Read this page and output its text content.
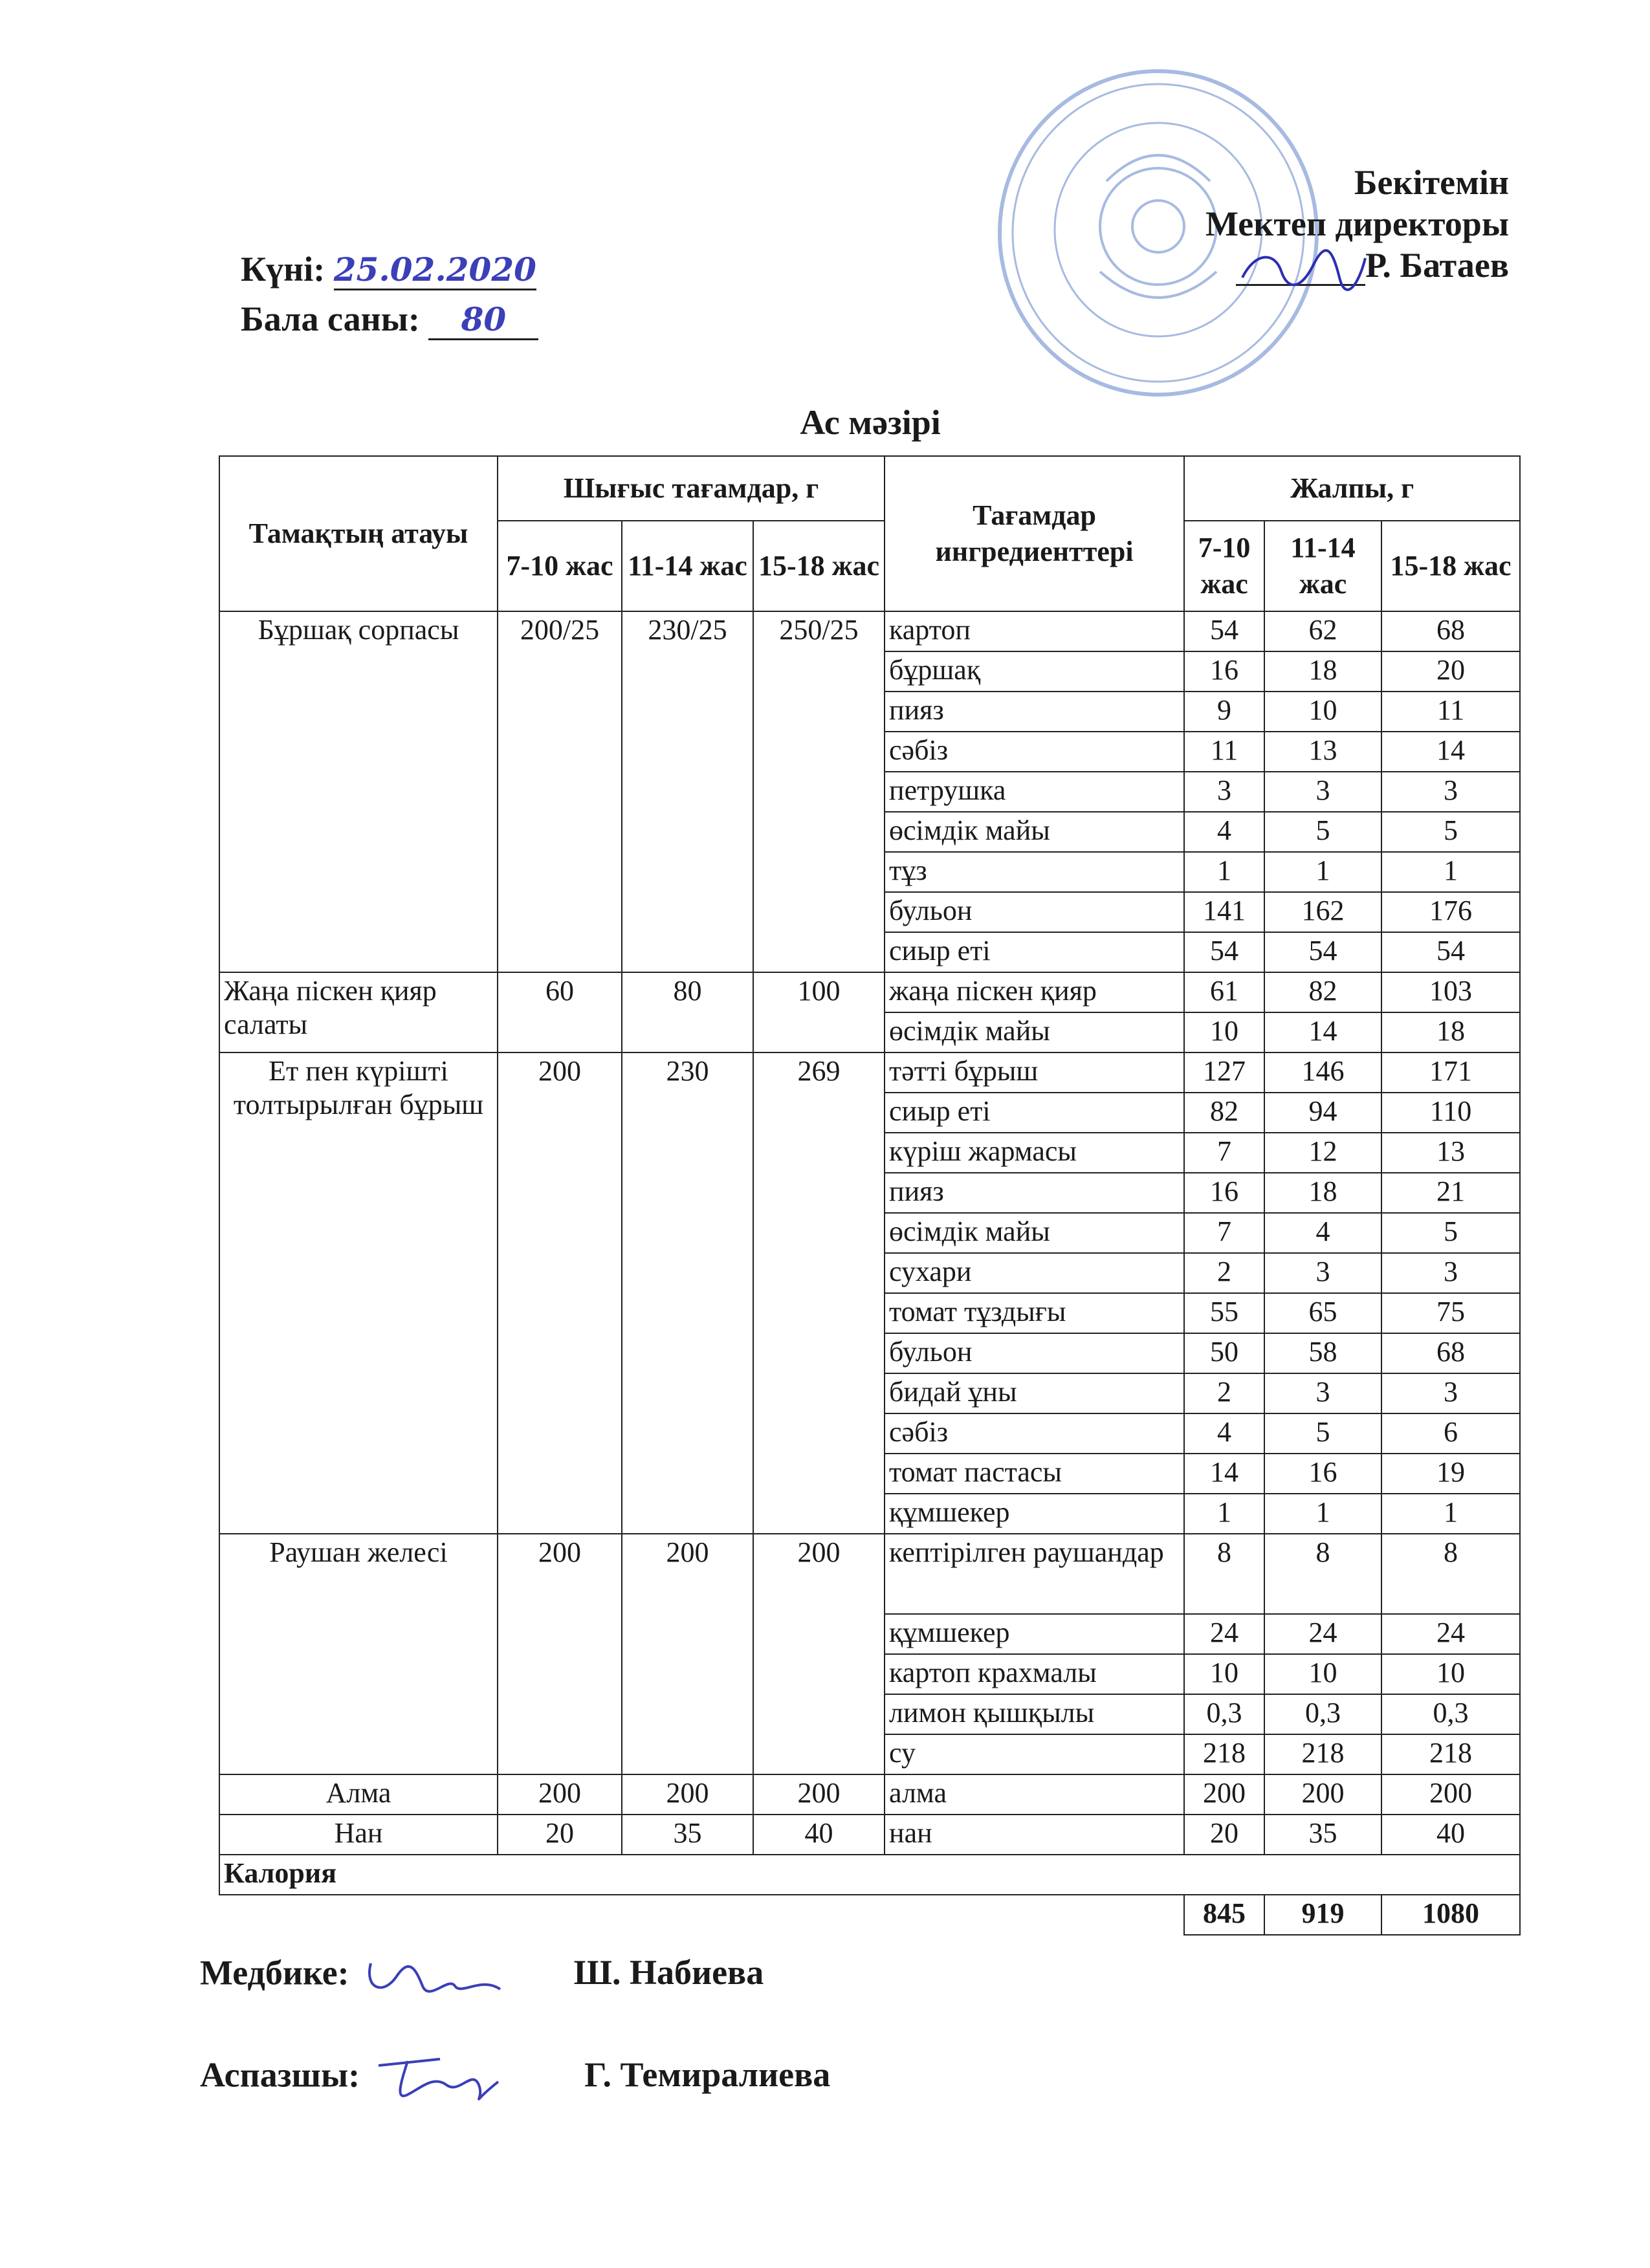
Бекітемін
Мектеп директоры
Р. Батаев
Күні: 25.02.2020
Бала саны: 80
Ас мәзірі
Тамақтың атауы	Шығыс тағамдар, г			Тағамдар ингредиенттері	Жалпы, г		
	7-10 жас	11-14 жас	15-18 жас		7-10 жас	11-14 жас	15-18 жас
Бұршақ сорпасы	200/25	230/25	250/25	картоп	54	62	68
				бұршақ	16	18	20
				пияз	9	10	11
				сәбіз	11	13	14
				петрушка	3	3	3
				өсімдік майы	4	5	5
				тұз	1	1	1
				бульон	141	162	176
				сиыр еті	54	54	54
Жаңа піскен қияр салаты	60	80	100	жаңа піскен қияр	61	82	103
				өсімдік майы	10	14	18
Ет пен күрішті толтырылған бұрыш	200	230	269	тәтті бұрыш	127	146	171
				сиыр еті	82	94	110
				күріш жармасы	7	12	13
				пияз	16	18	21
				өсімдік майы	7	4	5
				сухари	2	3	3
				томат тұздығы	55	65	75
				бульон	50	58	68
				бидай ұны	2	3	3
				сәбіз	4	5	6
				томат пастасы	14	16	19
				құмшекер	1	1	1
Раушан желесі	200	200	200	кептірілген раушандар	8	8	8
				құмшекер	24	24	24
				картоп крахмалы	10	10	10
				лимон қышқылы	0,3	0,3	0,3
				су	218	218	218
Алма	200	200	200	алма	200	200	200
Нан	20	35	40	нан	20	35	40
Калория							
					845	919	1080
Медбике:	Ш. Набиева
Аспазшы:	Г. Темиралиева
